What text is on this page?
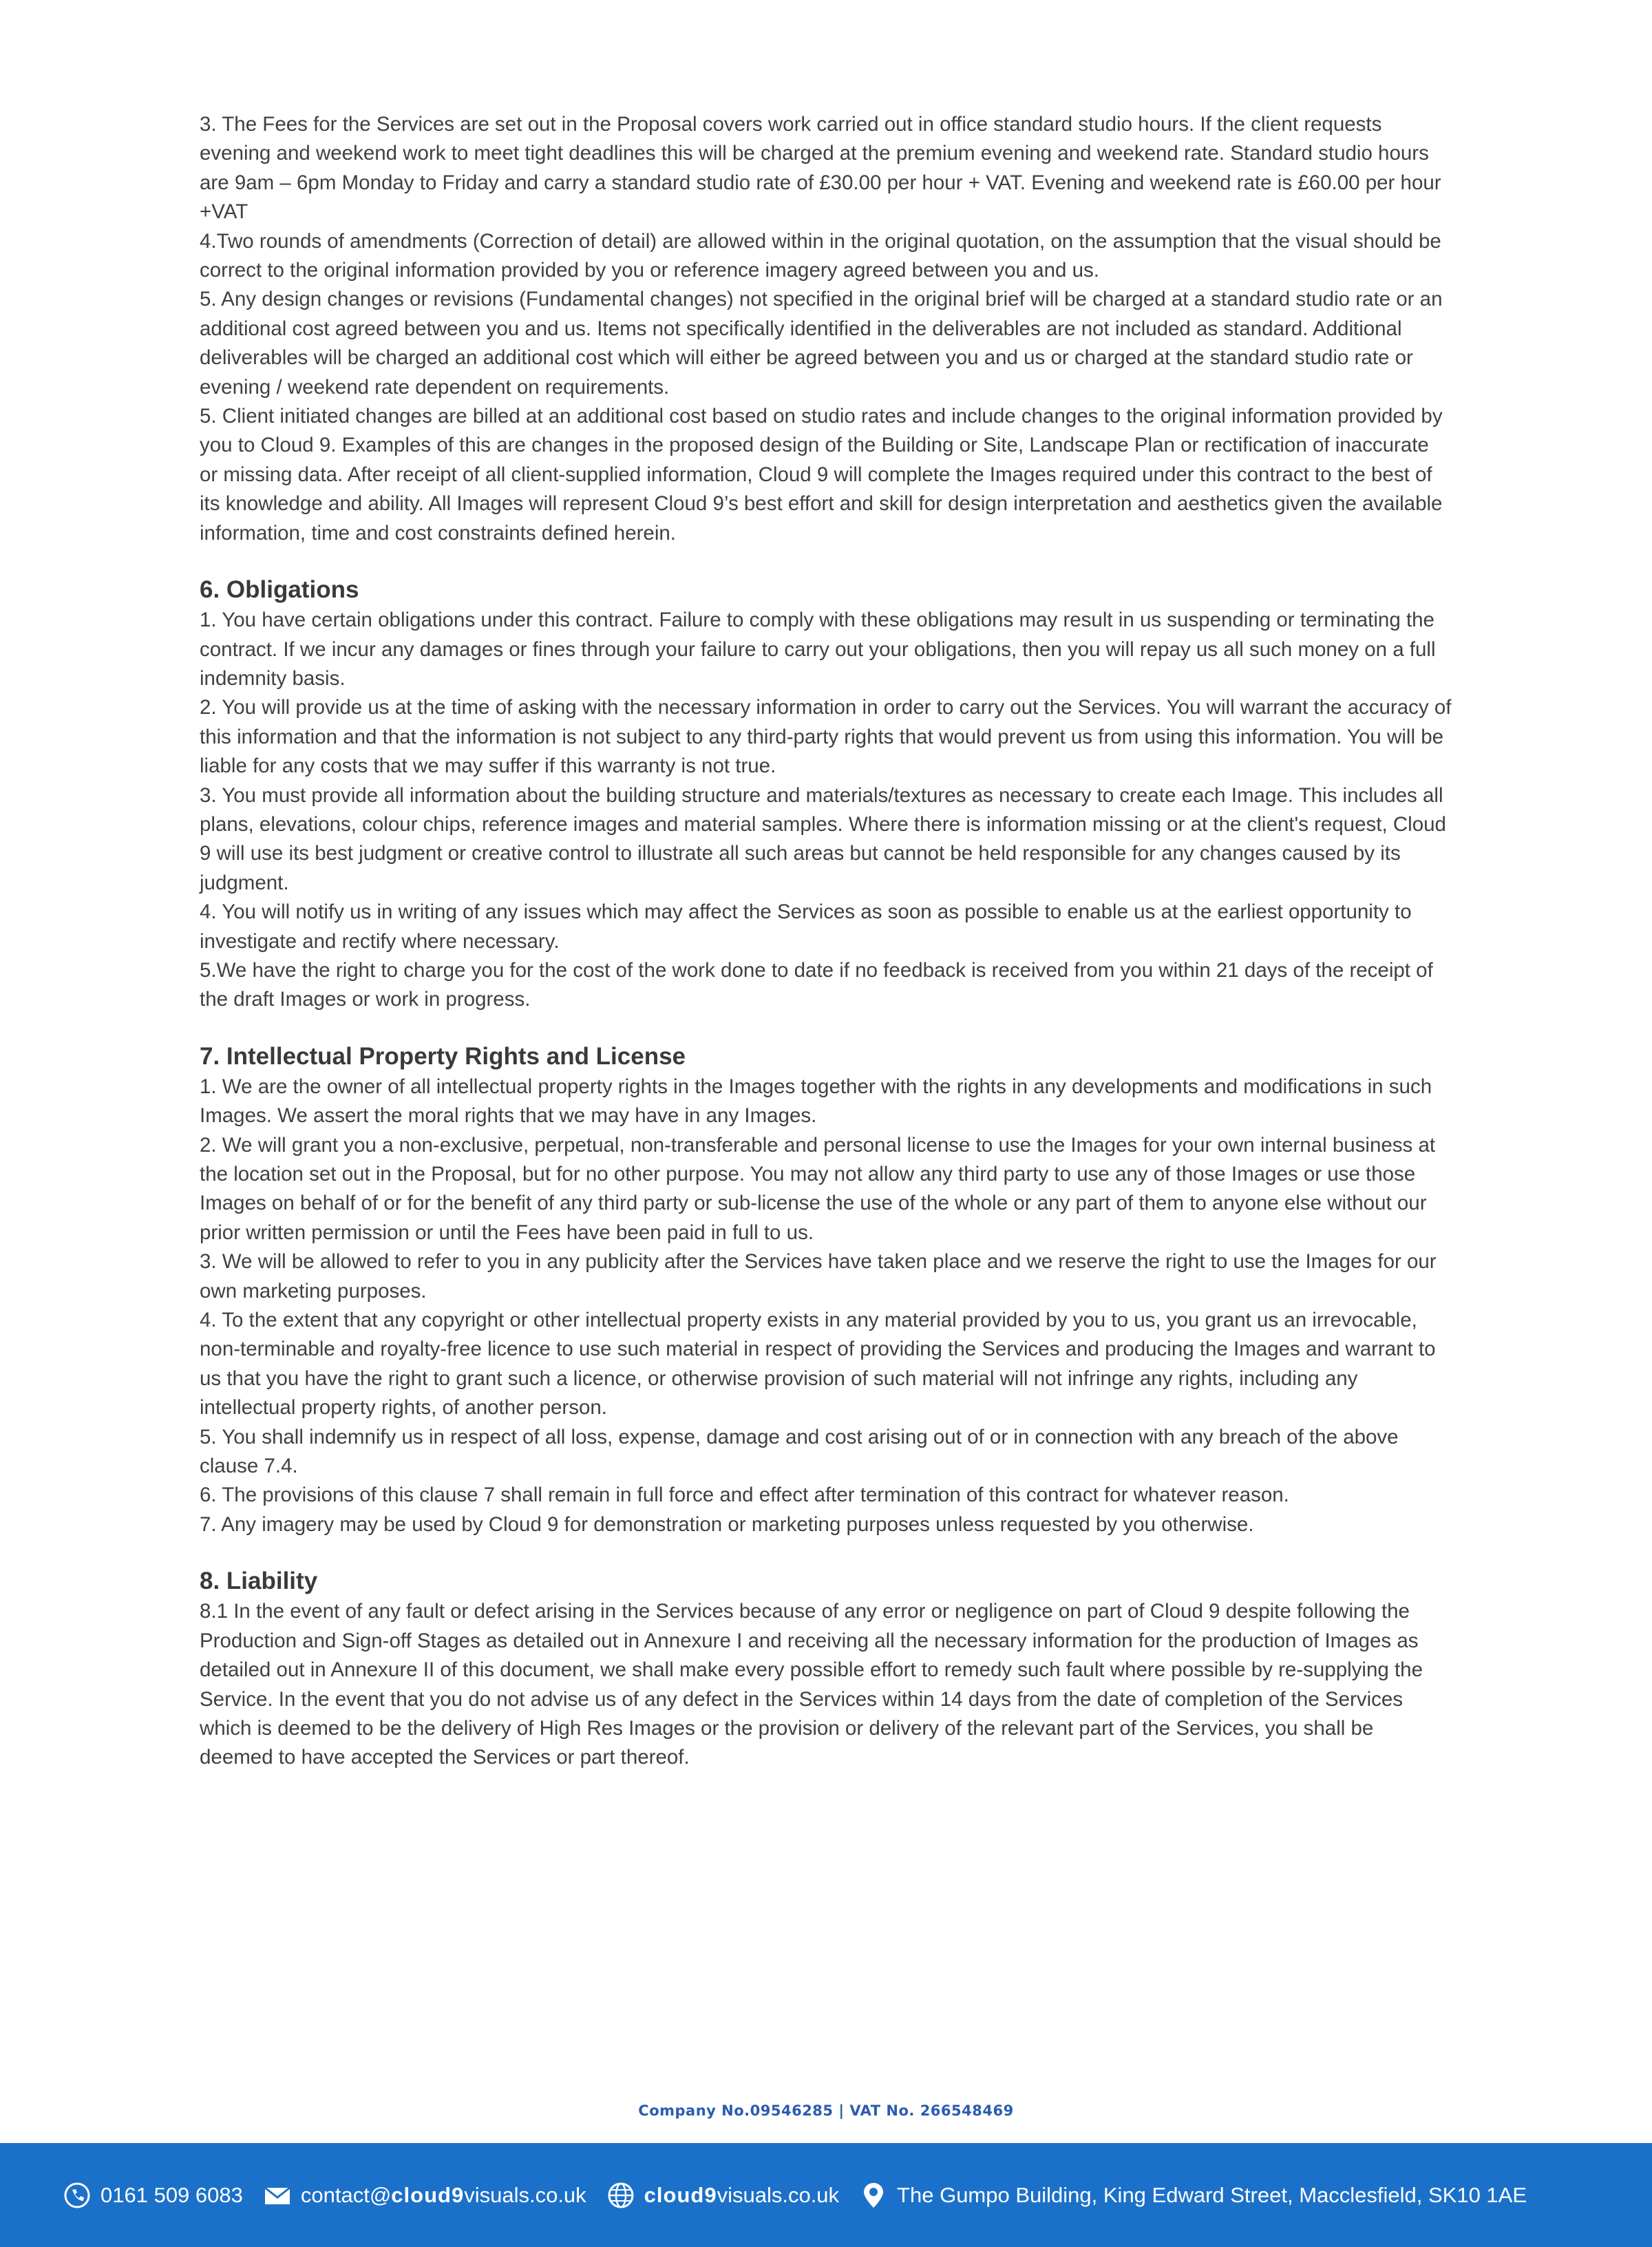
3. The Fees for the Services are set out in the Proposal covers work carried out in office standard studio hours. If the client requests evening and weekend work to meet tight deadlines this will be charged at the premium evening and weekend rate. Standard studio hours are 9am – 6pm Monday to Friday and carry a standard studio rate of £30.00 per hour + VAT. Evening and weekend rate is £60.00 per hour +VAT

4.Two rounds of amendments (Correction of detail) are allowed within in the original quotation, on the assumption that the visual should be correct to the original information provided by you or reference imagery agreed between you and us.

5. Any design changes or revisions (Fundamental changes) not specified in the original brief will be charged at a standard studio rate or an additional cost agreed between you and us. Items not specifically identified in the deliverables are not included as standard. Additional deliverables will be charged an additional cost which will either be agreed between you and us or charged at the standard studio rate or evening / weekend rate dependent on requirements.

5. Client initiated changes are billed at an additional cost based on studio rates and include changes to the original information provided by you to Cloud 9. Examples of this are changes in the proposed design of the Building or Site, Landscape Plan or rectification of inaccurate or missing data. After receipt of all client-supplied information, Cloud 9 will complete the Images required under this contract to the best of its knowledge and ability. All Images will represent Cloud 9’s best effort and skill for design interpretation and aesthetics given the available information, time and cost constraints defined herein.

6. Obligations

1. You have certain obligations under this contract. Failure to comply with these obligations may result in us suspending or terminating the contract. If we incur any damages or fines through your failure to carry out your obligations, then you will repay us all such money on a full indemnity basis.

2. You will provide us at the time of asking with the necessary information in order to carry out the Services. You will warrant the accuracy of this information and that the information is not subject to any third-party rights that would prevent us from using this information. You will be liable for any costs that we may suffer if this warranty is not true.

3. You must provide all information about the building structure and materials/textures as necessary to create each Image. This includes all plans, elevations, colour chips, reference images and material samples. Where there is information missing or at the client's request, Cloud 9 will use its best judgment or creative control to illustrate all such areas but cannot be held responsible for any changes caused by its judgment.

4. You will notify us in writing of any issues which may affect the Services as soon as possible to enable us at the earliest opportunity to investigate and rectify where necessary.

5.We have the right to charge you for the cost of the work done to date if no feedback is received from you within 21 days of the receipt of the draft Images or work in progress.

7. Intellectual Property Rights and License

1. We are the owner of all intellectual property rights in the Images together with the rights in any developments and modifications in such Images. We assert the moral rights that we may have in any Images.

2. We will grant you a non-exclusive, perpetual, non-transferable and personal license to use the Images for your own internal business at the location set out in the Proposal, but for no other purpose. You may not allow any third party to use any of those Images or use those Images on behalf of or for the benefit of any third party or sub-license the use of the whole or any part of them to anyone else without our prior written permission or until the Fees have been paid in full to us.

3. We will be allowed to refer to you in any publicity after the Services have taken place and we reserve the right to use the Images for our own marketing purposes.

4. To the extent that any copyright or other intellectual property exists in any material provided by you to us, you grant us an irrevocable, non-terminable and royalty-free licence to use such material in respect of providing the Services and producing the Images and warrant to us that you have the right to grant such a licence, or otherwise provision of such material will not infringe any rights, including any intellectual property rights, of another person.

5. You shall indemnify us in respect of all loss, expense, damage and cost arising out of or in connection with any breach of the above clause 7.4.

6. The provisions of this clause 7 shall remain in full force and effect after termination of this contract for whatever reason.

7. Any imagery may be used by Cloud 9 for demonstration or marketing purposes unless requested by you otherwise.

8. Liability

8.1 In the event of any fault or defect arising in the Services because of any error or negligence on part of Cloud 9 despite following the Production and Sign-off Stages as detailed out in Annexure I and receiving all the necessary information for the production of Images as detailed out in Annexure II of this document, we shall make every possible effort to remedy such fault where possible by re-supplying the Service. In the event that you do not advise us of any defect in the Services within 14 days from the date of completion of the Services which is deemed to be the delivery of High Res Images or the provision or delivery of the relevant part of the Services, you shall be deemed to have accepted the Services or part thereof.

Company No.09546285 | VAT No. 266548469
0161 509 6083	contact@ cloud9 visuals.co.uk	cloud9 visuals.co.uk	The Gumpo Building, King Edward Street, Macclesfield, SK10 1AE
